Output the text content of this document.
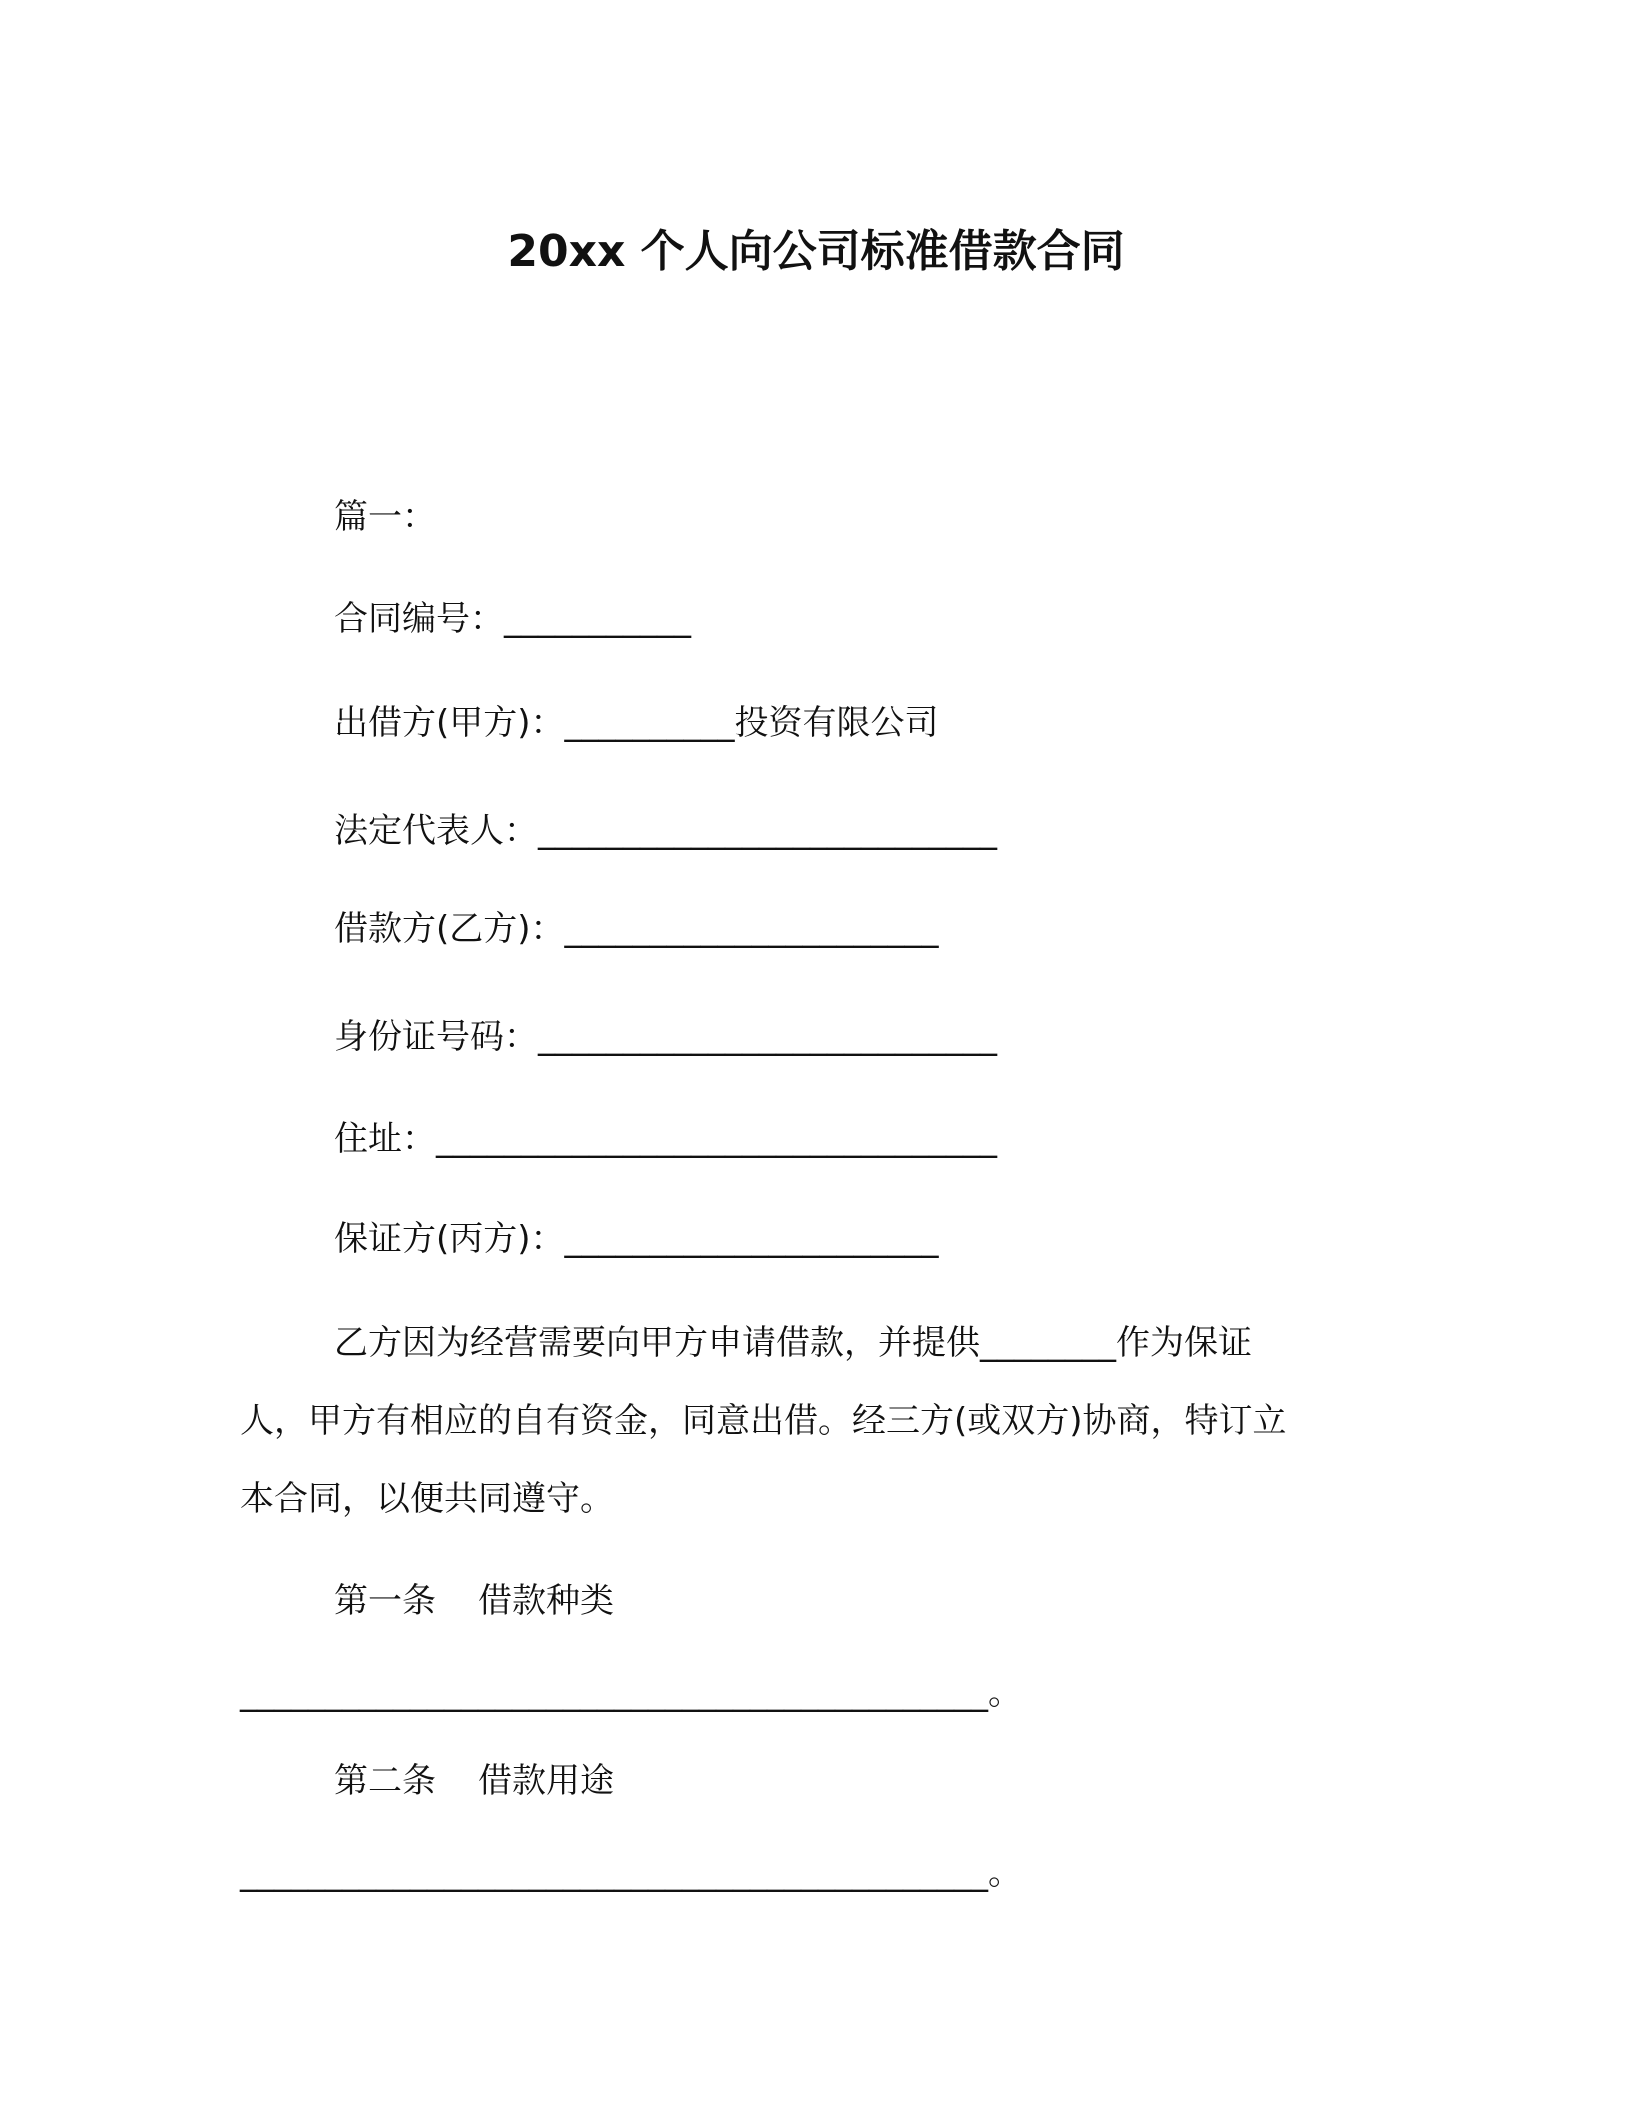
20xx 个人向公司标准借款合同
篇一：
合同编号：___________
出借方(甲方)：__________投资有限公司
法定代表人：___________________________
借款方(乙方)：______________________
身份证号码：___________________________
住址：_________________________________
保证方(丙方)：______________________
乙方因为经营需要向甲方申请借款，并提供________作为保证
人，甲方有相应的自有资金，同意出借。经三方(或双方)协商，特订立
本合同，以便共同遵守。
第一条 借款种类
____________________________________________。
第二条 借款用途
____________________________________________。
